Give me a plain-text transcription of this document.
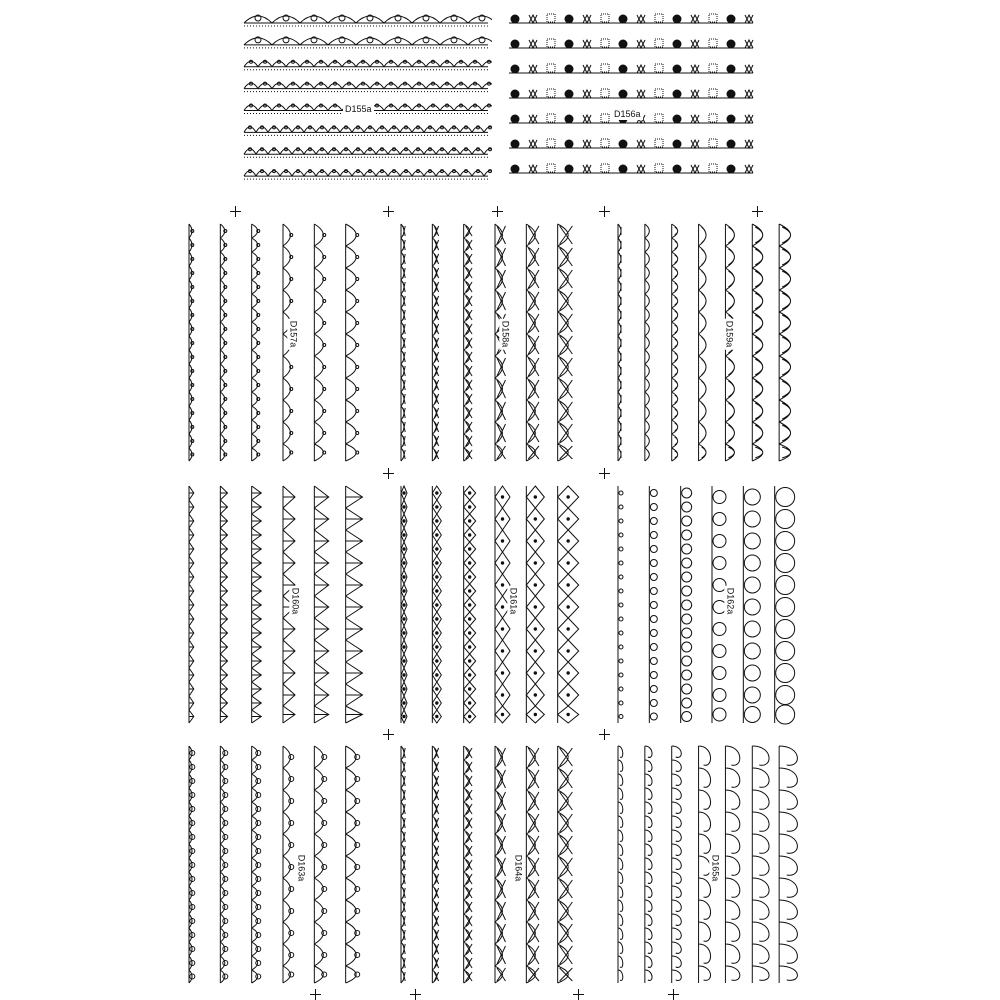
D155a	D156a
D157a	D158a	D159a
D160a	D161a	D162a
D163a	D164a	D165a
